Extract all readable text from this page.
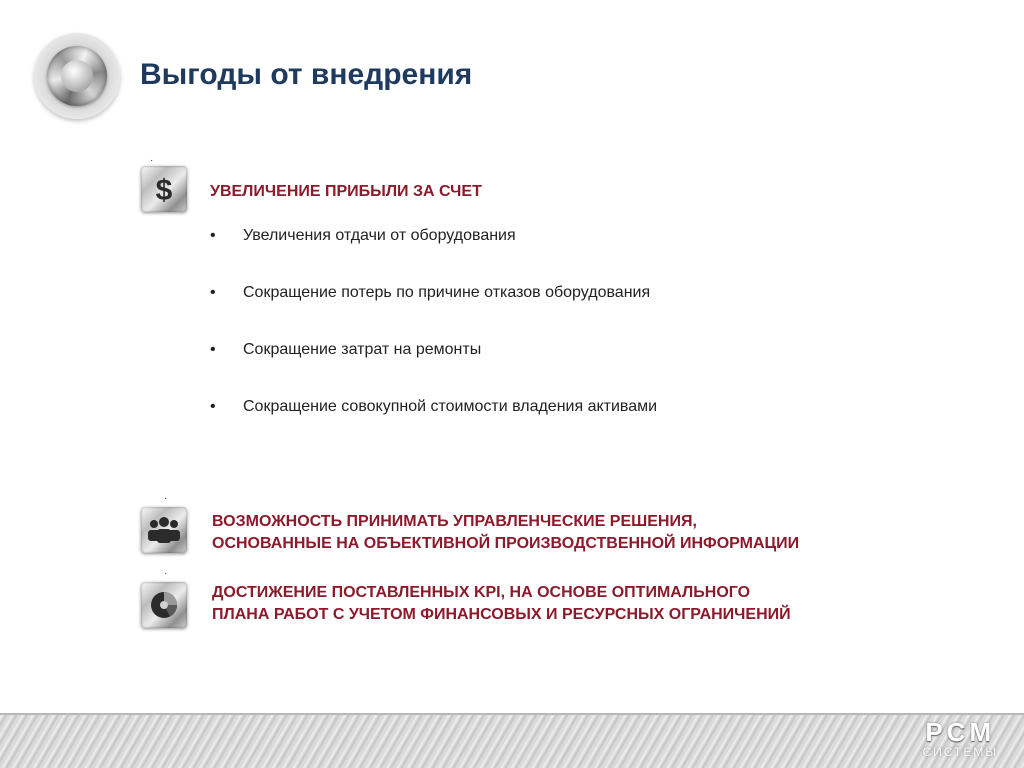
Выгоды от внедрения
·
$ УВЕЛИЧЕНИЕ ПРИБЫЛИ ЗА СЧЕТ
•	Увеличения отдачи от оборудования
•	Сокращение потерь по причине отказов оборудования
•	Сокращение затрат на ремонты
•	Сокращение совокупной стоимости владения активами
·
ВОЗМОЖНОСТЬ ПРИНИМАТЬ УПРАВЛЕНЧЕСКИЕ РЕШЕНИЯ,
ОСНОВАННЫЕ НА ОБЪЕКТИВНОЙ ПРОИЗВОДСТВЕННОЙ ИНФОРМАЦИИ
·
ДОСТИЖЕНИЕ ПОСТАВЛЕННЫХ KPI, НА ОСНОВЕ ОПТИМАЛЬНОГО
ПЛАНА РАБОТ С УЧЕТОМ ФИНАНСОВЫХ И РЕСУРСНЫХ ОГРАНИЧЕНИЙ
PCM
СИСТЕМЫ
